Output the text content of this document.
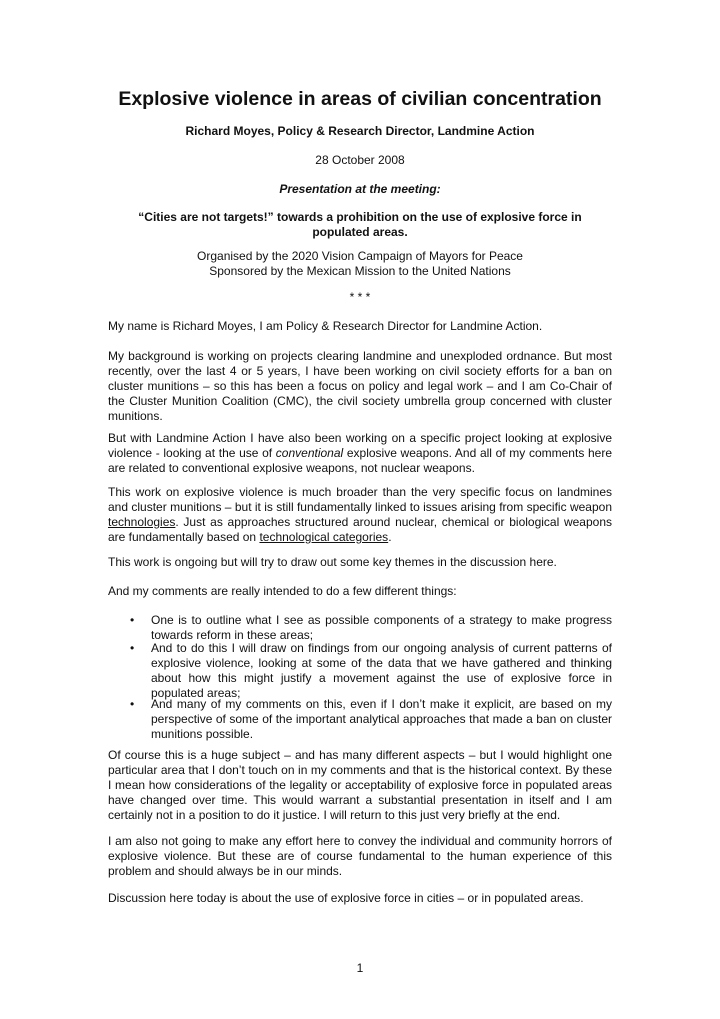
Explosive violence in areas of civilian concentration

Richard Moyes, Policy & Research Director, Landmine Action

28 October 2008

Presentation at the meeting:

“Cities are not targets!” towards a prohibition on the use of explosive force in
populated areas.
Organised by the 2020 Vision Campaign of Mayors for Peace
Sponsored by the Mexican Mission to the United Nations

* * *

My name is Richard Moyes, I am Policy & Research Director for Landmine Action.

My background is working on projects clearing landmine and unexploded ordnance. But most recently, over the last 4 or 5 years, I have been working on civil society efforts for a ban on cluster munitions – so this has been a focus on policy and legal work – and I am Co-Chair of the Cluster Munition Coalition (CMC), the civil society umbrella group concerned with cluster munitions.

But with Landmine Action I have also been working on a specific project looking at explosive violence - looking at the use of conventional explosive weapons. And all of my comments here are related to conventional explosive weapons, not nuclear weapons.

This work on explosive violence is much broader than the very specific focus on landmines and cluster munitions – but it is still fundamentally linked to issues arising from specific weapon technologies. Just as approaches structured around nuclear, chemical or biological weapons are fundamentally based on technological categories.

This work is ongoing but will try to draw out some key themes in the discussion here.

And my comments are really intended to do a few different things:

• One is to outline what I see as possible components of a strategy to make progress towards reform in these areas;

• And to do this I will draw on findings from our ongoing analysis of current patterns of explosive violence, looking at some of the data that we have gathered and thinking about how this might justify a movement against the use of explosive force in populated areas;

• And many of my comments on this, even if I don’t make it explicit, are based on my perspective of some of the important analytical approaches that made a ban on cluster munitions possible.

Of course this is a huge subject – and has many different aspects – but I would highlight one particular area that I don’t touch on in my comments and that is the historical context. By these I mean how considerations of the legality or acceptability of explosive force in populated areas have changed over time. This would warrant a substantial presentation in itself and I am certainly not in a position to do it justice. I will return to this just very briefly at the end.

I am also not going to make any effort here to convey the individual and community horrors of explosive violence. But these are of course fundamental to the human experience of this problem and should always be in our minds.

Discussion here today is about the use of explosive force in cities – or in populated areas.

1
